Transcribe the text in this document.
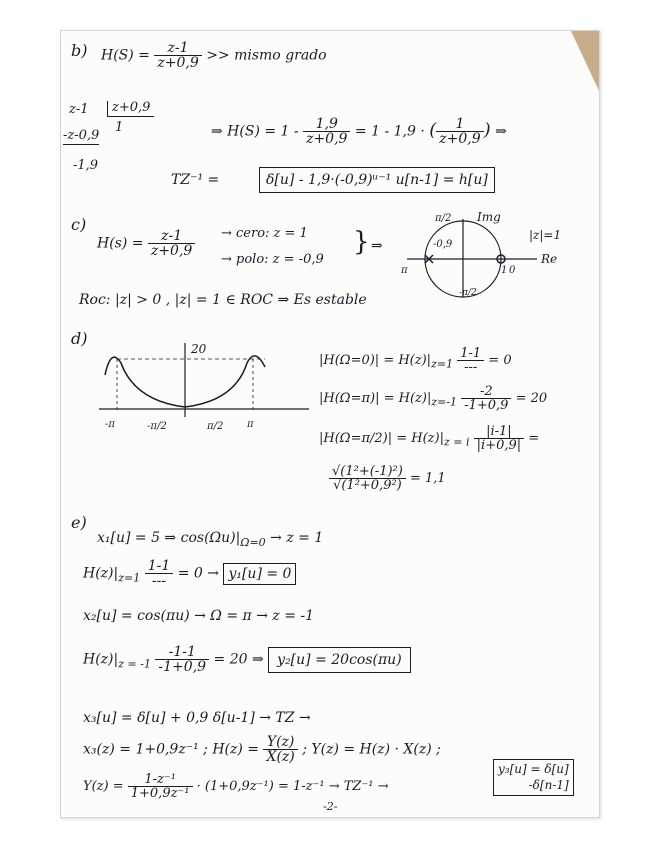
b) $H(S) = \frac{z-1}{z+0,9}$ >> mismo grado
z-1	z+0,9
1
-z-0,9
-1,9
⇒ $H(S) = 1 - \frac{1,9}{z+0,9} = 1 - 1,9$ · ( $\frac{1}{z+0,9}$ ) ⇒
TZ⁻¹ =	δ[u] - 1,9·(-0,9)ᵘ⁻¹ u[n-1] = h[u]
c)
$H(s) = \frac{z-1}{z+0,9}$ → cero: z = 1
→ polo: z = -0,9
} ⇒	-0,9
π/2
-π/2
π	1 0
Img
Re
|z|=1
Roc: |z| > 0 , |z| = 1 ∈ ROC ⇒ Es estable
d)
20
-π	-π/2	π/2 π
$|H(\Omega=0)| = H(z)|_{z=1} \frac{1-1}{---} = 0$
$|H(\Omega=\pi)| = H(z)|_{z=-1} \frac{-2}{-1+0,9} = 20$
$|H(\Omega=\pi/2)| = H(z)|_{z = i} \frac{|i-1|}{|i+0,9|}$ =
$\frac{\text{√(1²+(-1)²)}}{\text{√(1²+0,9²)}} = 1,1$
e)
x₁[u] = 5 ⇒ $\cos(\Omega u)|_{\Omega=0} \to z = 1$
$H(z)|_{z=1} \frac{1-1}{---} = 0 \to y_1[u] = 0$
x₂[u] = cos(πu) → Ω = π → z = -1
$H(z)|_{z = -1} \frac{-1-1}{-1+0,9} = 20$ ⇒ y₂[u] = 20cos(πu)
x₃[u] = δ[u] + 0,9 δ[u-1] → TZ →
x₃(z) = 1+0,9z⁻¹ ; $H(z) = \frac{Y(z)}{X(z)}$ ; Y(z) = H(z) · X(z) ;
$Y(z) = \frac{\text{1-z⁻¹}}{\text{1+0,9z⁻¹}} \cdot (1+0,9z^{-1}) = 1-z^{-1} \to TZ^{-1}$ →
y₃[u] = δ[u]
-δ[n-1]
-2-
